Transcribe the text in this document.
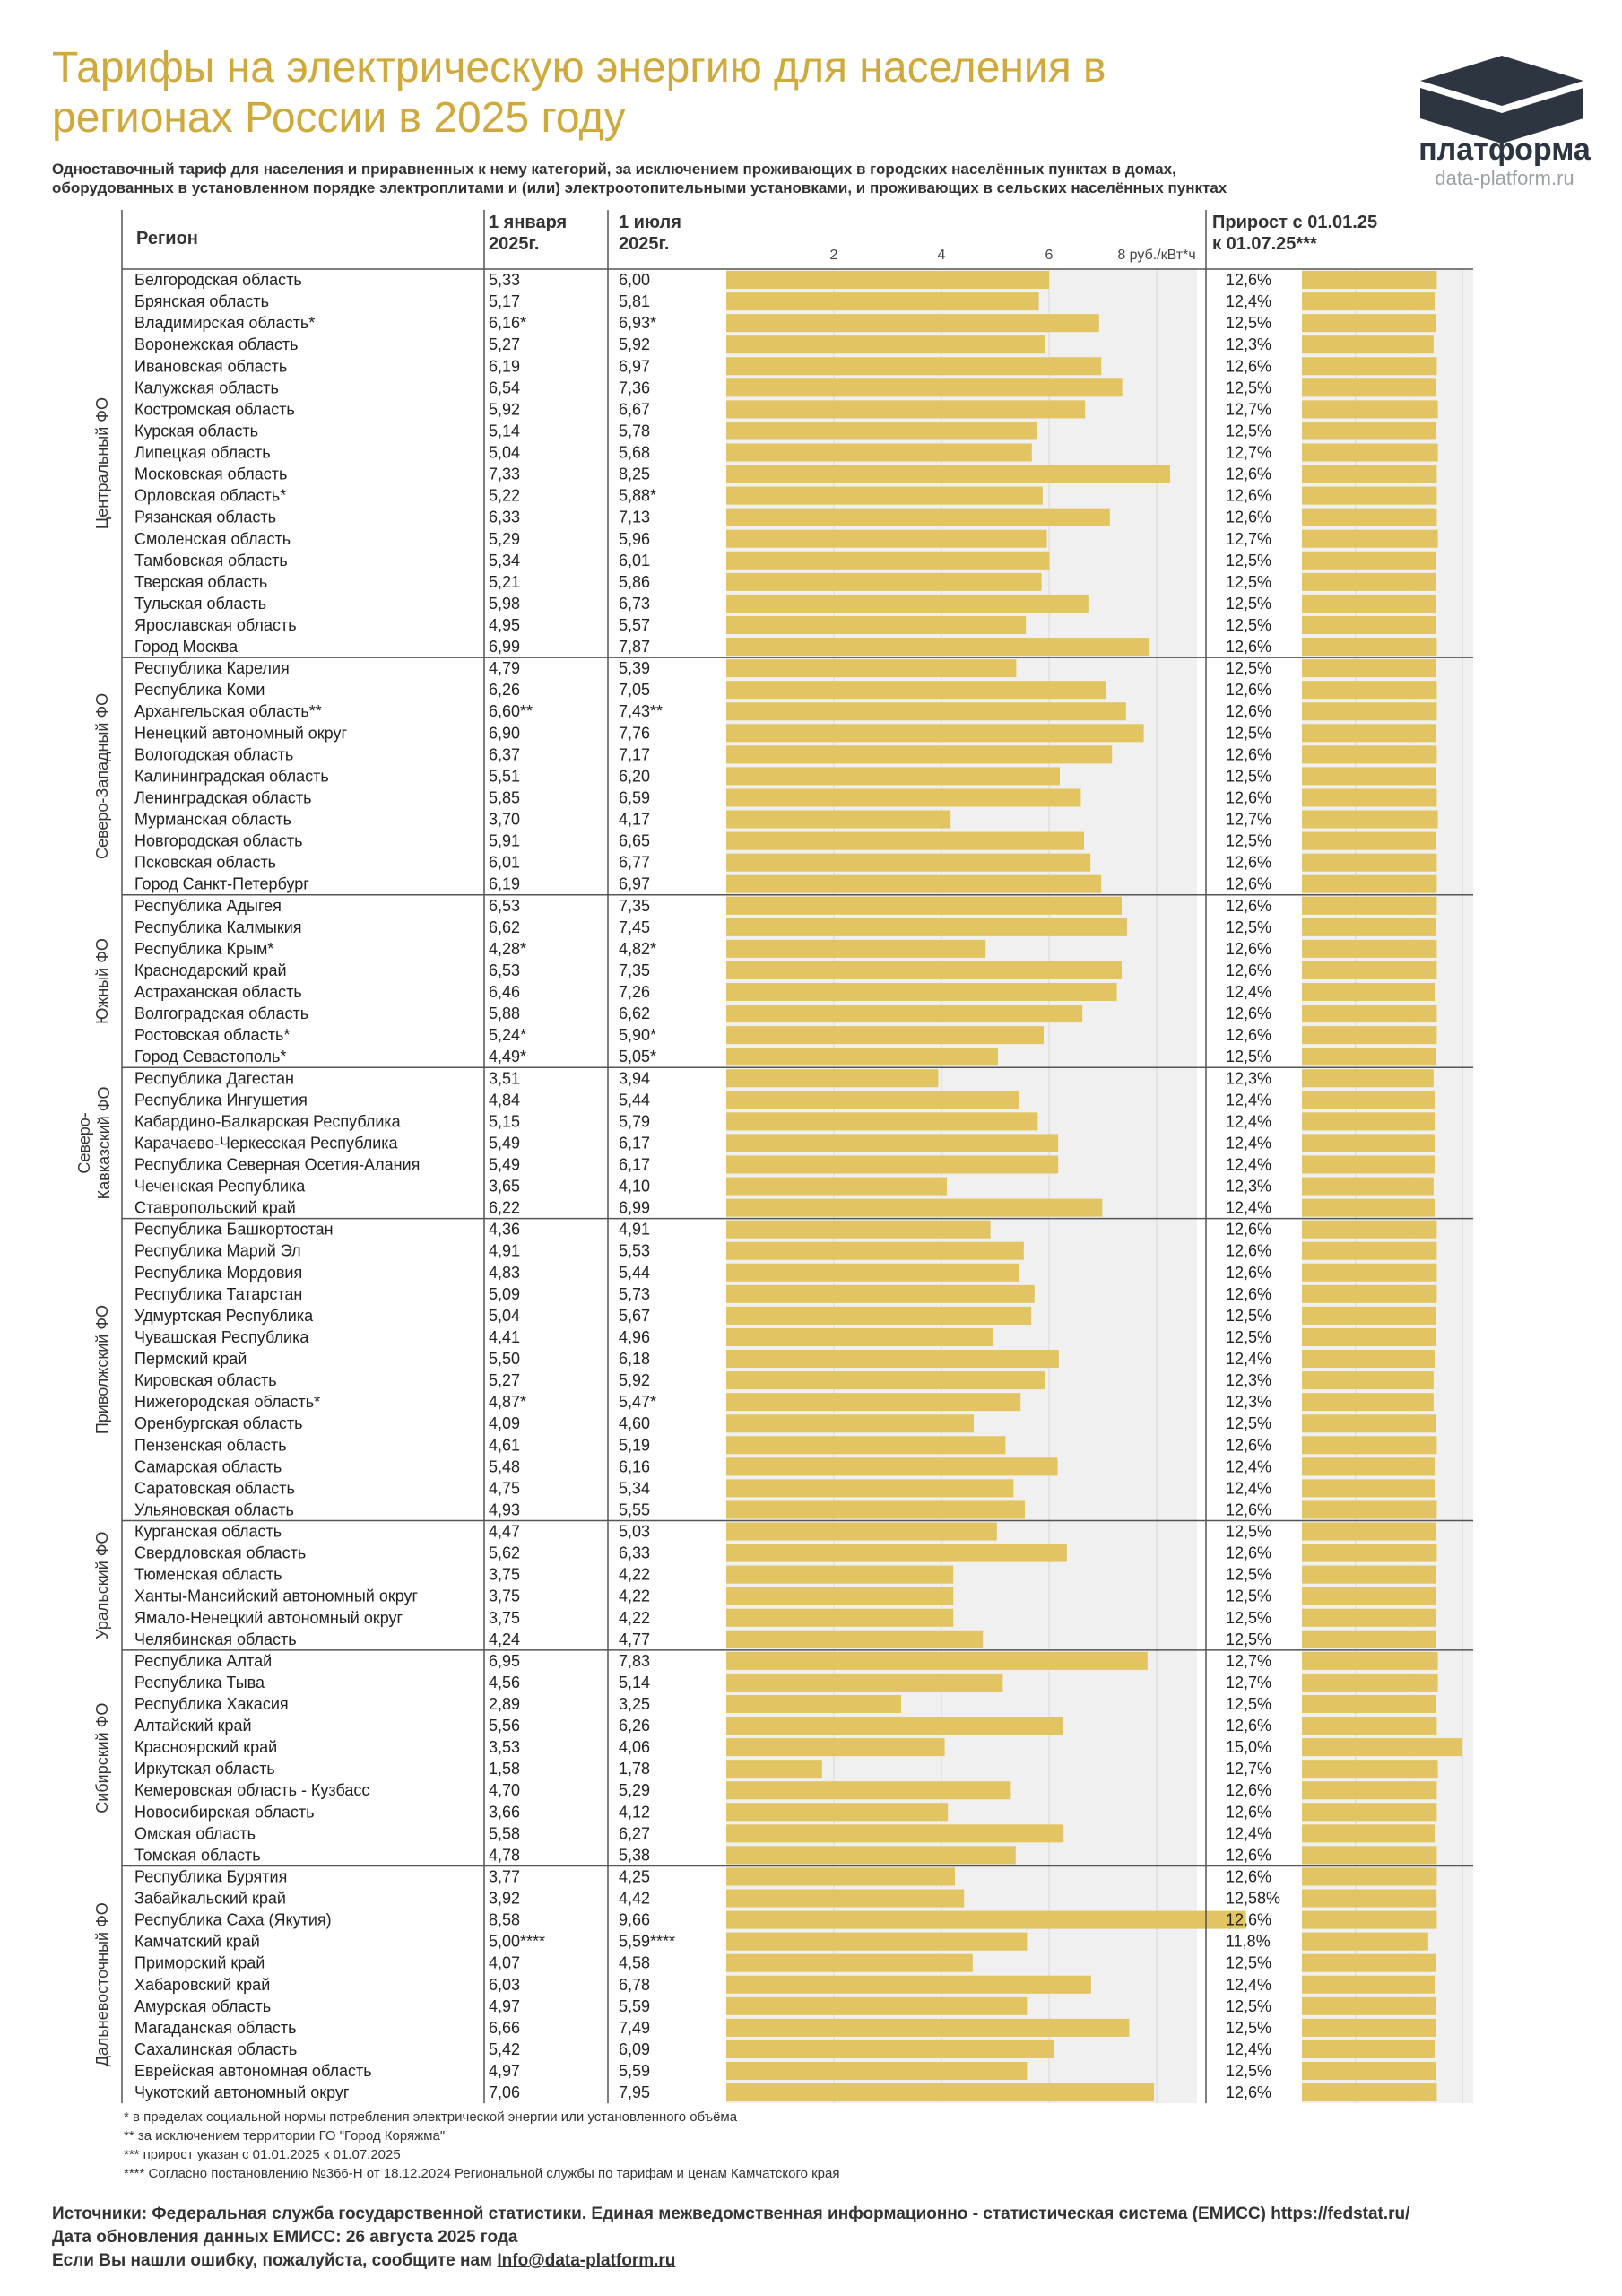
Тарифы на электрическую энергию для населения в регионах России в 2025 году
Одноставочный тариф для населения и приравненных к нему категорий, за исключением проживающих в городских населённых пунктах в домах,
оборудованных в установленном порядке электроплитами и (или) электроотопительными установками, и проживающих в сельских населённых пунктах
платформа
data-platform.ru
Регион
1 января
2025г.
1 июля
2025г.
Прирост с 01.01.25
к 01.07.25***
2	4	6	8 руб./кВт*ч
Белгородская область	5,33	6,00	12,6%
Брянская область	5,17	5,81	12,4%
Владимирская область*	6,16*	6,93*	12,5%
Воронежская область	5,27	5,92	12,3%
Ивановская область	6,19	6,97	12,6%
Калужская область	6,54	7,36	12,5%
Костромская область	5,92	6,67	12,7%
Курская область	5,14	5,78	12,5%
Липецкая область	5,04	5,68	12,7%
Московская область	7,33	8,25	12,6%
Орловская область*	5,22	5,88*	12,6%
Рязанская область	6,33	7,13	12,6%
Смоленская область	5,29	5,96	12,7%
Тамбовская область	5,34	6,01	12,5%
Тверская область	5,21	5,86	12,5%
Тульская область	5,98	6,73	12,5%
Ярославская область	4,95	5,57	12,5%
Город Москва	6,99	7,87	12,6%
Центральный ФО
Республика Карелия	4,79	5,39	12,5%
Республика Коми	6,26	7,05	12,6%
Архангельская область**	6,60**	7,43**	12,6%
Ненецкий автономный округ	6,90	7,76	12,5%
Вологодская область	6,37	7,17	12,6%
Калининградская область	5,51	6,20	12,5%
Ленинградская область	5,85	6,59	12,6%
Мурманская область	3,70	4,17	12,7%
Новгородская область	5,91	6,65	12,5%
Псковская область	6,01	6,77	12,6%
Город Санкт-Петербург	6,19	6,97	12,6%
Северо-Западный ФО
Республика Адыгея	6,53	7,35	12,6%
Республика Калмыкия	6,62	7,45	12,5%
Республика Крым*	4,28*	4,82*	12,6%
Краснодарский край	6,53	7,35	12,6%
Астраханская область	6,46	7,26	12,4%
Волгоградская область	5,88	6,62	12,6%
Ростовская область*	5,24*	5,90*	12,6%
Город Севастополь*	4,49*	5,05*	12,5%
Южный ФО
Республика Дагестан	3,51	3,94	12,3%
Республика Ингушетия	4,84	5,44	12,4%
Кабардино-Балкарская Республика	5,15	5,79	12,4%
Карачаево-Черкесская Республика	5,49	6,17	12,4%
Республика Северная Осетия-Алания	5,49	6,17	12,4%
Чеченская Республика	3,65	4,10	12,3%
Ставропольский край	6,22	6,99	12,4%
Северо- Кавказский ФО
Республика Башкортостан	4,36	4,91	12,6%
Республика Марий Эл	4,91	5,53	12,6%
Республика Мордовия	4,83	5,44	12,6%
Республика Татарстан	5,09	5,73	12,6%
Удмуртская Республика	5,04	5,67	12,5%
Чувашская Республика	4,41	4,96	12,5%
Пермский край	5,50	6,18	12,4%
Кировская область	5,27	5,92	12,3%
Нижегородская область*	4,87*	5,47*	12,3%
Оренбургская область	4,09	4,60	12,5%
Пензенская область	4,61	5,19	12,6%
Самарская область	5,48	6,16	12,4%
Саратовская область	4,75	5,34	12,4%
Ульяновская область	4,93	5,55	12,6%
Приволжский ФО
Курганская область	4,47	5,03	12,5%
Свердловская область	5,62	6,33	12,6%
Тюменская область	3,75	4,22	12,5%
Ханты-Мансийский автономный округ	3,75	4,22	12,5%
Ямало-Ненецкий автономный округ	3,75	4,22	12,5%
Челябинская область	4,24	4,77	12,5%
Уральский ФО
Республика Алтай	6,95	7,83	12,7%
Республика Тыва	4,56	5,14	12,7%
Республика Хакасия	2,89	3,25	12,5%
Алтайский край	5,56	6,26	12,6%
Красноярский край	3,53	4,06	15,0%
Иркутская область	1,58	1,78	12,7%
Кемеровская область - Кузбасс	4,70	5,29	12,6%
Новосибирская область	3,66	4,12	12,6%
Омская область	5,58	6,27	12,4%
Томская область	4,78	5,38	12,6%
Сибирский ФО
Республика Бурятия	3,77	4,25	12,6%
Забайкальский край	3,92	4,42	12,58%
Республика Саха (Якутия)	8,58	9,66	12,6%
Камчатский край	5,00****	5,59****	11,8%
Приморский край	4,07	4,58	12,5%
Хабаровский край	6,03	6,78	12,4%
Амурская область	4,97	5,59	12,5%
Магаданская область	6,66	7,49	12,5%
Сахалинская область	5,42	6,09	12,4%
Еврейская автономная область	4,97	5,59	12,5%
Чукотский автономный округ	7,06	7,95	12,6%
Дальневосточный ФО
* в пределах социальной нормы потребления электрической энергии или установленного объёма
** за исключением территории ГО "Город Коряжма"
*** прирост указан с 01.01.2025 к 01.07.2025
**** Согласно постановлению №366-Н от 18.12.2024 Региональной службы по тарифам и ценам Камчатского края
Источники: Федеральная служба государственной статистики. Единая межведомственная информационно - статистическая система (ЕМИСС) https://fedstat.ru/
Дата обновления данных ЕМИСС: 26 августа 2025 года
Если Вы нашли ошибку, пожалуйста, сообщите нам Info@data-platform.ru
